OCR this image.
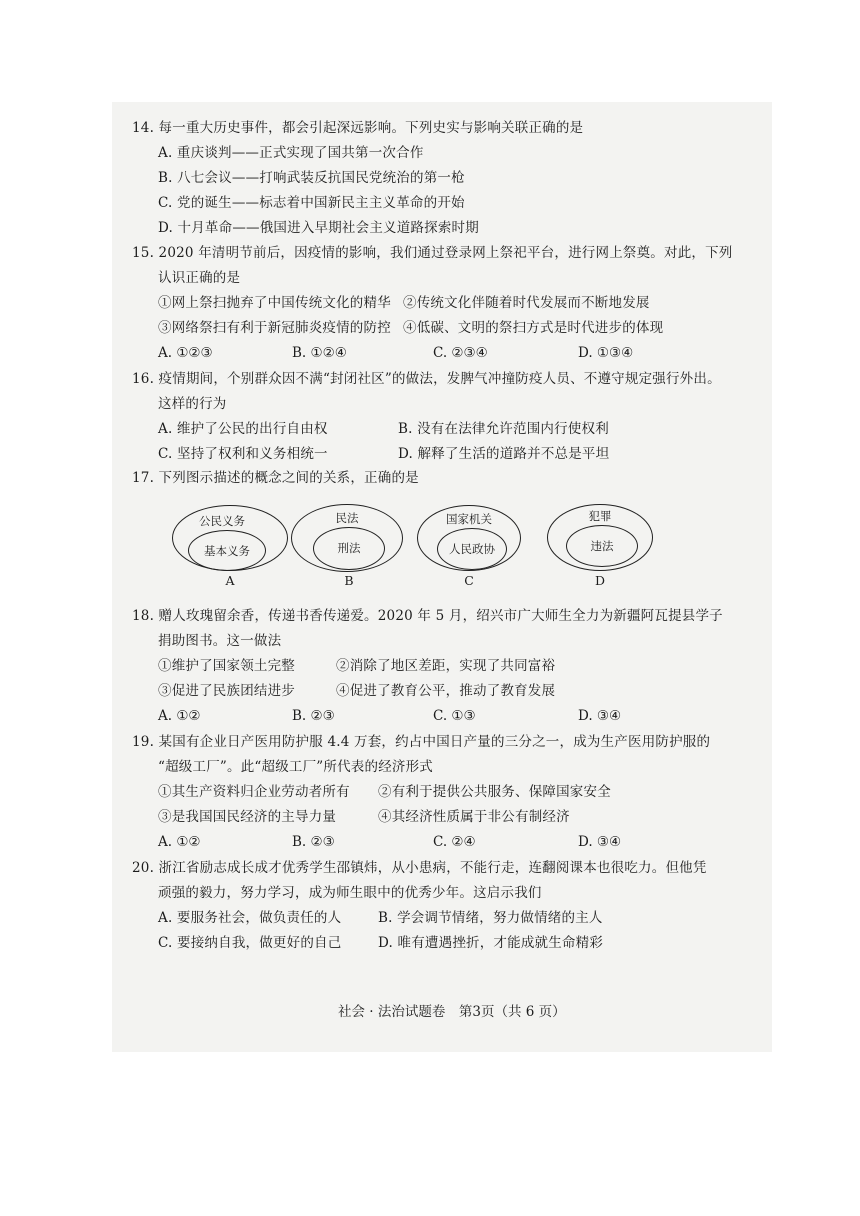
14. 每一重大历史事件，都会引起深远影响。下列史实与影响关联正确的是
A. 重庆谈判——正式实现了国共第一次合作
B. 八七会议——打响武装反抗国民党统治的第一枪
C. 党的诞生——标志着中国新民主主义革命的开始
D. 十月革命——俄国进入早期社会主义道路探索时期
15. 2020 年清明节前后，因疫情的影响，我们通过登录网上祭祀平台，进行网上祭奠。对此，下列
认识正确的是
①网上祭扫抛弃了中国传统文化的精华 ②传统文化伴随着时代发展而不断地发展
③网络祭扫有利于新冠肺炎疫情的防控 ④低碳、文明的祭扫方式是时代进步的体现
A. ①②③	B. ①②④	C. ②③④	D. ①③④
16. 疫情期间，个别群众因不满“封闭社区”的做法，发脾气冲撞防疫人员、不遵守规定强行外出。
这样的行为
A. 维护了公民的出行自由权	B. 没有在法律允许范围内行使权利
C. 坚持了权利和义务相统一	D. 解释了生活的道路并不总是平坦
17. 下列图示描述的概念之间的关系，正确的是
公民义务
基本义务
A
民法
刑法
B
国家机关
人民政协
C
犯罪
违法
D
18. 赠人玫瑰留余香，传递书香传递爱。2020 年 5 月，绍兴市广大师生全力为新疆阿瓦提县学子
捐助图书。这一做法
①维护了国家领土完整	②消除了地区差距，实现了共同富裕
③促进了民族团结进步	④促进了教育公平，推动了教育发展
A. ①②	B. ②③	C. ①③	D. ③④
19. 某国有企业日产医用防护服 4.4 万套，约占中国日产量的三分之一，成为生产医用防护服的
“超级工厂”。此“超级工厂”所代表的经济形式
①其生产资料归企业劳动者所有 ②有利于提供公共服务、保障国家安全
③是我国国民经济的主导力量	④其经济性质属于非公有制经济
A. ①②	B. ②③	C. ②④	D. ③④
20. 浙江省励志成长成才优秀学生邵镇炜，从小患病，不能行走，连翻阅课本也很吃力。但他凭
顽强的毅力，努力学习，成为师生眼中的优秀少年。这启示我们
A. 要服务社会，做负责任的人	B. 学会调节情绪，努力做情绪的主人
C. 要接纳自我，做更好的自己	D. 唯有遭遇挫折，才能成就生命精彩
社会 · 法治试题卷　第3页（共 6 页）
